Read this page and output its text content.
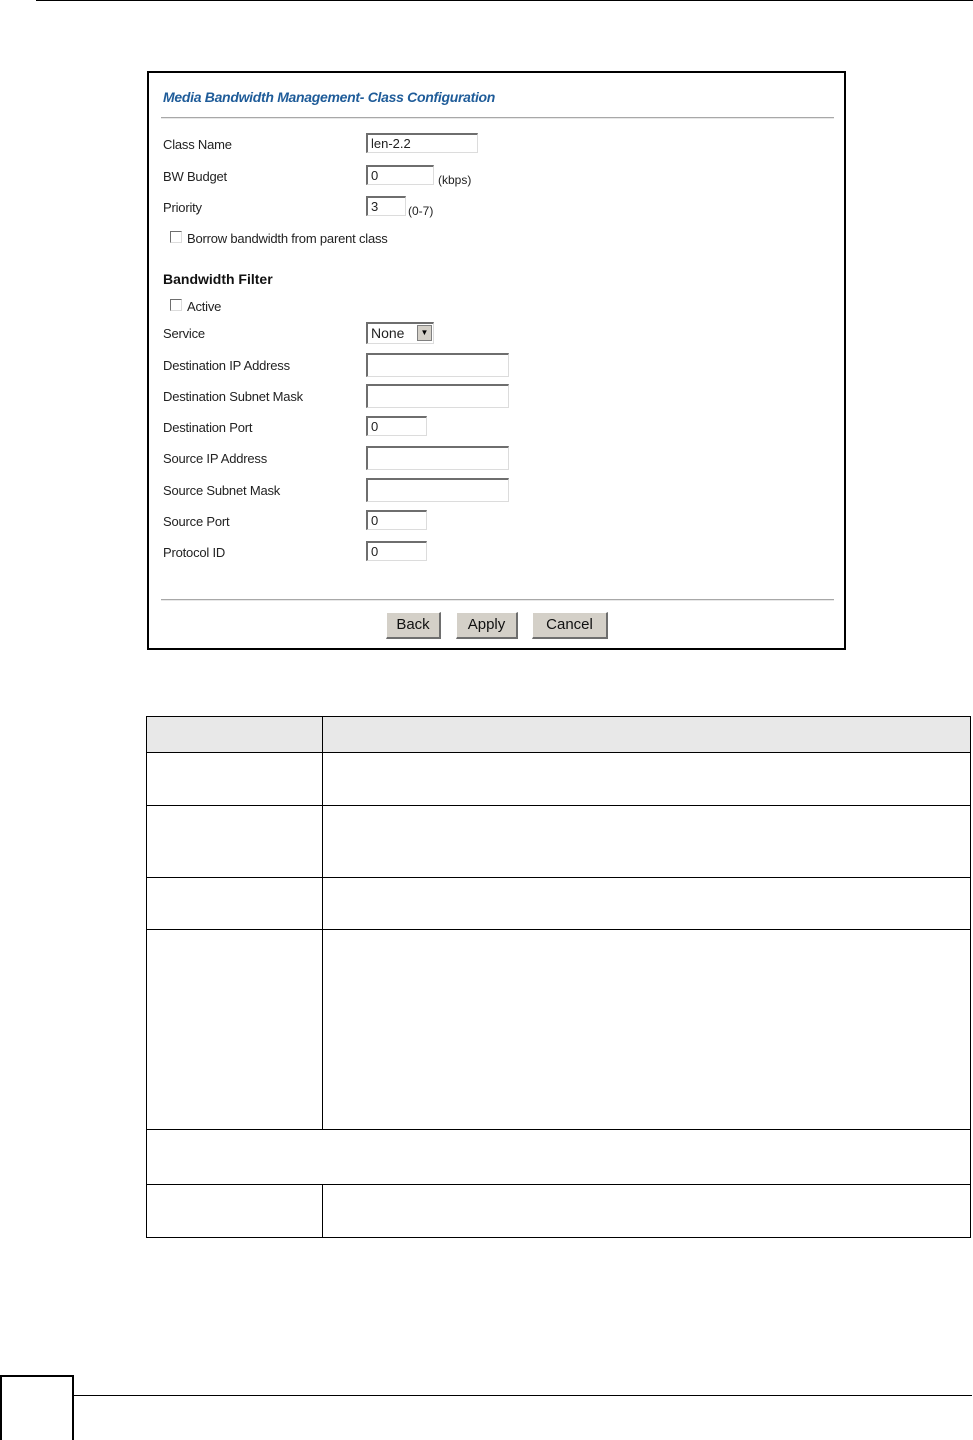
Media Bandwidth Management- Class Configuration
Class Name	len-2.2
BW Budget	0	(kbps)
Priority	3	(0-7)
Borrow bandwidth from parent class
Bandwidth Filter
Active
Service	None	▼
Destination IP Address
Destination Subnet Mask
Destination Port	0
Source IP Address
Source Subnet Mask
Source Port	0
Protocol ID	0
Back	Apply	Cancel
